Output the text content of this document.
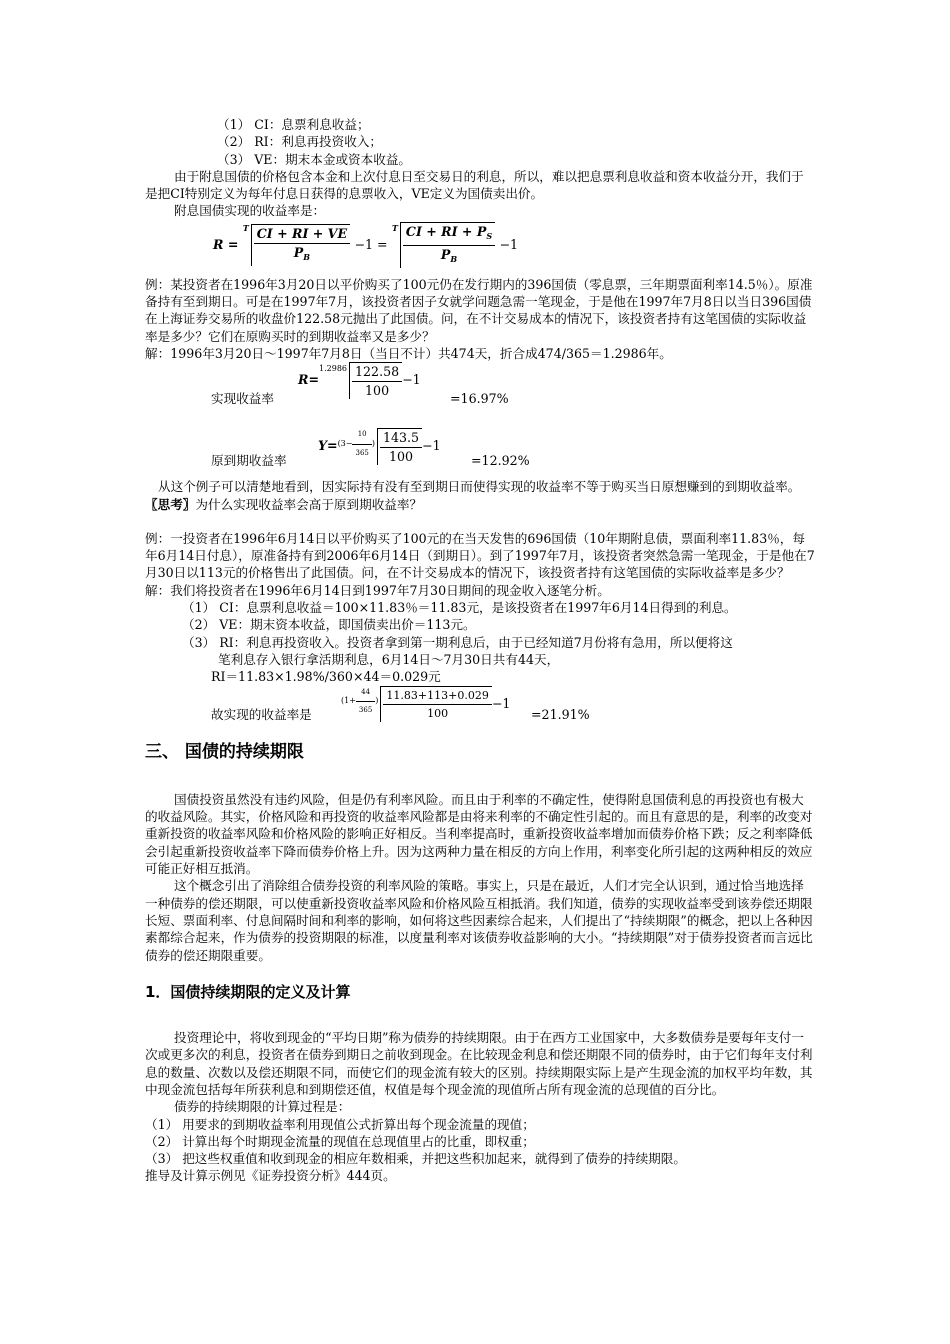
（1） CI：息票利息收益；

（2） RI：利息再投资收入；

（3） VE：期末本金或资本收益。

由于附息国债的价格包含本金和上次付息日至交易日的利息，所以，难以把息票利息收益和资本收益分开，我们于是把CI特别定义为每年付息日获得的息票收入，VE定义为国债卖出价。

附息国债实现的收益率是：

$R = ^T \frac{CI + RI + VE}{P_B} -1 = ^T \frac{CI + RI + P_S}{P_B} -1$

例：某投资者在1996年3月20日以平价购买了100元仍在发行期内的396国债（零息票，三年期票面利率14.5％）。原准备持有至到期日。可是在1997年7月，该投资者因子女就学问题急需一笔现金，于是他在1997年7月8日以当日396国债在上海证券交易所的收盘价122.58元抛出了此国债。问，在不计交易成本的情况下，该投资者持有这笔国债的实际收益率是多少？它们在原购买时的到期收益率又是多少？

解：1996年3月20日～1997年7月8日（当日不计）共474天，折合成474/365＝1.2986年。

实现收益率
$R=^{1.2986} \frac{122.58}{100} -1$
=16.97%
原到期收益率
$Y=^{(3- \frac{10}{365} )} \frac{143.5}{100} -1$
=12.92%

从这个例子可以清楚地看到，因实际持有没有至到期日而使得实现的收益率不等于购买当日原想赚到的到期收益率。

〖思考〗为什么实现收益率会高于原到期收益率？

例：一投资者在1996年6月14日以平价购买了100元的在当天发售的696国债（10年期附息债，票面利率11.83％，每年6月14日付息），原准备持有到2006年6月14日（到期日）。到了1997年7月，该投资者突然急需一笔现金，于是他在7月30日以113元的价格售出了此国债。问，在不计交易成本的情况下，该投资者持有这笔国债的实际收益率是多少？

解：我们将投资者在1996年6月14日到1997年7月30日期间的现金收入逐笔分析。

（1） CI：息票利息收益＝100×11.83％＝11.83元，是该投资者在1997年6月14日得到的利息。

（2） VE：期末资本收益，即国债卖出价＝113元。

（3） RI：利息再投资收入。投资者拿到第一期利息后，由于已经知道7月份将有急用，所以便将这

笔利息存入银行拿活期利息，6月14日～7月30日共有44天，

RI＝11.83×1.98%/360×44＝0.029元

故实现的收益率是
$^{(1+ \frac{44}{365} )} \frac{11.83+113+0.029}{100} -1$
=21.91%
三、 国债的持续期限

国债投资虽然没有违约风险，但是仍有利率风险。而且由于利率的不确定性，使得附息国债利息的再投资也有极大的收益风险。其实，价格风险和再投资的收益率风险都是由将来利率的不确定性引起的。而且有意思的是，利率的改变对重新投资的收益率风险和价格风险的影响正好相反。当利率提高时，重新投资收益率增加而债券价格下跌；反之利率降低会引起重新投资收益率下降而债券价格上升。因为这两种力量在相反的方向上作用，利率变化所引起的这两种相反的效应可能正好相互抵消。

这个概念引出了消除组合债券投资的利率风险的策略。事实上，只是在最近，人们才完全认识到，通过恰当地选择一种债券的偿还期限，可以使重新投资收益率风险和价格风险互相抵消。我们知道，债券的实现收益率受到该券偿还期限长短、票面利率、付息间隔时间和利率的影响，如何将这些因素综合起来，人们提出了“持续期限”的概念，把以上各种因素都综合起来，作为债券的投资期限的标准，以度量利率对该债券收益影响的大小。“持续期限”对于债券投资者而言远比债券的偿还期限重要。

1．国债持续期限的定义及计算

投资理论中，将收到现金的“平均日期”称为债券的持续期限。由于在西方工业国家中，大多数债券是要每年支付一次或更多次的利息，投资者在债券到期日之前收到现金。在比较现金利息和偿还期限不同的债券时，由于它们每年支付利息的数量、次数以及偿还期限不同，而使它们的现金流有较大的区别。持续期限实际上是产生现金流的加权平均年数，其中现金流包括每年所获利息和到期偿还值，权值是每个现金流的现值所占所有现金流的总现值的百分比。

债券的持续期限的计算过程是：

（1） 用要求的到期收益率利用现值公式折算出每个现金流量的现值；

（2） 计算出每个时期现金流量的现值在总现值里占的比重，即权重；

（3） 把这些权重值和收到现金的相应年数相乘，并把这些积加起来，就得到了债券的持续期限。

推导及计算示例见《证券投资分析》444页。
